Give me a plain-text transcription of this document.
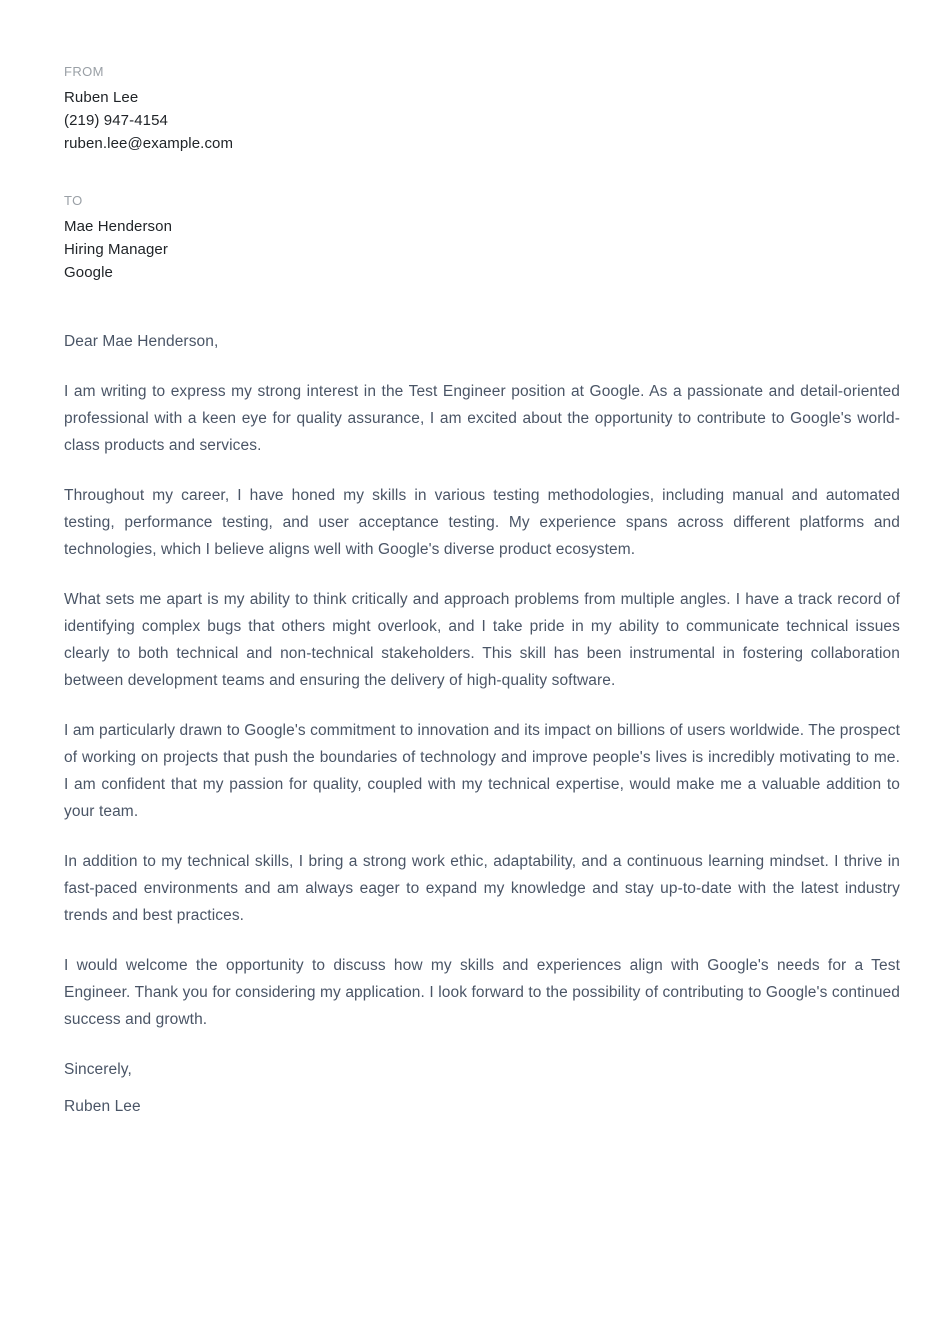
FROM
Ruben Lee
(219) 947-4154
ruben.lee@example.com
TO
Mae Henderson
Hiring Manager
Google

Dear Mae Henderson,

I am writing to express my strong interest in the Test Engineer position at Google. As a passionate and detail-oriented professional with a keen eye for quality assurance, I am excited about the opportunity to contribute to Google's world-class products and services.

Throughout my career, I have honed my skills in various testing methodologies, including manual and automated testing, performance testing, and user acceptance testing. My experience spans across different platforms and technologies, which I believe aligns well with Google's diverse product ecosystem.

What sets me apart is my ability to think critically and approach problems from multiple angles. I have a track record of identifying complex bugs that others might overlook, and I take pride in my ability to communicate technical issues clearly to both technical and non-technical stakeholders. This skill has been instrumental in fostering collaboration between development teams and ensuring the delivery of high-quality software.

I am particularly drawn to Google's commitment to innovation and its impact on billions of users worldwide. The prospect of working on projects that push the boundaries of technology and improve people's lives is incredibly motivating to me. I am confident that my passion for quality, coupled with my technical expertise, would make me a valuable addition to your team.

In addition to my technical skills, I bring a strong work ethic, adaptability, and a continuous learning mindset. I thrive in fast-paced environments and am always eager to expand my knowledge and stay up-to-date with the latest industry trends and best practices.

I would welcome the opportunity to discuss how my skills and experiences align with Google's needs for a Test Engineer. Thank you for considering my application. I look forward to the possibility of contributing to Google's continued success and growth.

Sincerely,

Ruben Lee
